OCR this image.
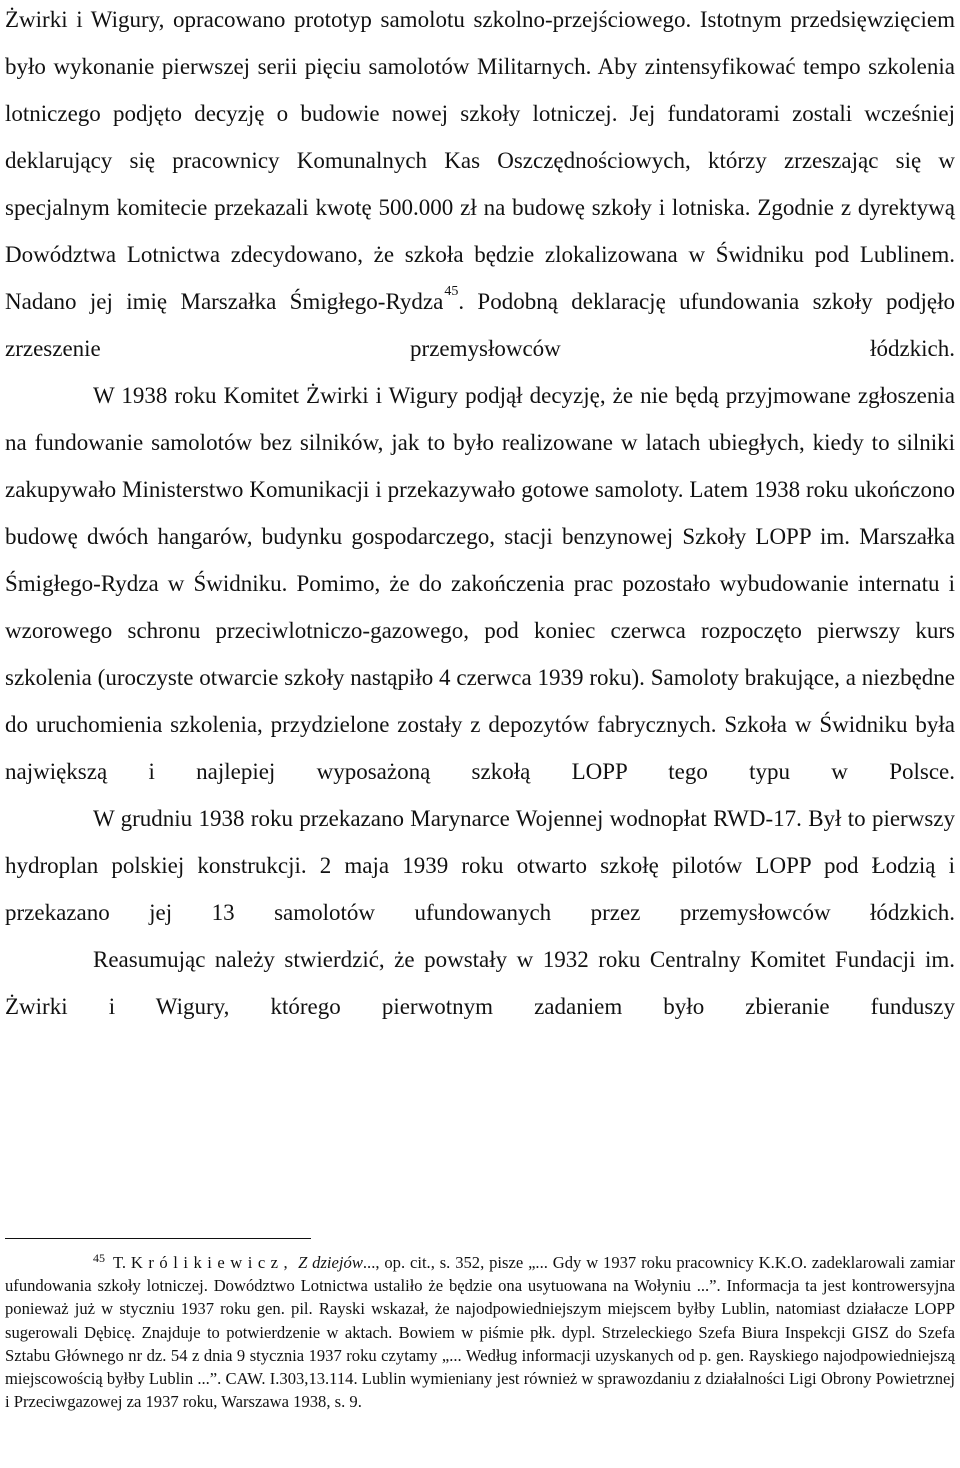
Żwirki i Wigury, opracowano prototyp samolotu szkolno-przejściowego. Istotnym przedsięwzięciem było wykonanie pierwszej serii pięciu samolotów Militarnych. Aby zintensyfikować tempo szkolenia lotniczego podjęto decyzję o budowie nowej szkoły lotniczej. Jej fundatorami zostali wcześniej deklarujący się pracownicy Komunalnych Kas Oszczędnościowych, którzy zrzeszając się w specjalnym komitecie przekazali kwotę 500.000 zł na budowę szkoły i lotniska. Zgodnie z dyrektywą Dowództwa Lotnictwa zdecydowano, że szkoła będzie zlokalizowana w Świdniku pod Lublinem. Nadano jej imię Marszałka Śmigłego-Rydza$^{45}$. Podobną deklarację ufundowania szkoły podjęło zrzeszenie przemysłowców łódzkich.

W 1938 roku Komitet Żwirki i Wigury podjął decyzję, że nie będą przyjmowane zgłoszenia na fundowanie samolotów bez silników, jak to było realizowane w latach ubiegłych, kiedy to silniki zakupywało Ministerstwo Komunikacji i przekazywało gotowe samoloty. Latem 1938 roku ukończono budowę dwóch hangarów, budynku gospodarczego, stacji benzynowej Szkoły LOPP im. Marszałka Śmigłego-Rydza w Świdniku. Pomimo, że do zakończenia prac pozostało wybudowanie internatu i wzorowego schronu przeciwlotniczo-gazowego, pod koniec czerwca rozpoczęto pierwszy kurs szkolenia (uroczyste otwarcie szkoły nastąpiło 4 czerwca 1939 roku). Samoloty brakujące, a niezbędne do uruchomienia szkolenia, przydzielone zostały z depozytów fabrycznych. Szkoła w Świdniku była największą i najlepiej wyposażoną szkołą LOPP tego typu w Polsce.

W grudniu 1938 roku przekazano Marynarce Wojennej wodnopłat RWD-17. Był to pierwszy hydroplan polskiej konstrukcji. 2 maja 1939 roku otwarto szkołę pilotów LOPP pod Łodzią i przekazano jej 13 samolotów ufundowanych przez przemysłowców łódzkich.

Reasumując należy stwierdzić, że powstały w 1932 roku Centralny Komitet Fundacji im. Żwirki i Wigury, którego pierwotnym zadaniem było zbieranie funduszy

$^{45}$ T. Królikiewicz, Z dziejów..., op. cit., s. 352, pisze „... Gdy w 1937 roku pracownicy K.K.O. zadeklarowali zamiar ufundowania szkoły lotniczej. Dowództwo Lotnictwa ustaliło że będzie ona usytuowana na Wołyniu ...”. Informacja ta jest kontrowersyjna ponieważ już w styczniu 1937 roku gen. pil. Rayski wskazał, że najodpowiedniejszym miejscem byłby Lublin, natomiast działacze LOPP sugerowali Dębicę. Znajduje to potwierdzenie w aktach. Bowiem w piśmie płk. dypl. Strzeleckiego Szefa Biura Inspekcji GISZ do Szefa Sztabu Głównego nr dz. 54 z dnia 9 stycznia 1937 roku czytamy „... Według informacji uzyskanych od p. gen. Rayskiego najodpowiedniejszą miejscowością byłby Lublin ...”. CAW. I.303,13.114. Lublin wymieniany jest również w sprawozdaniu z działalności Ligi Obrony Powietrznej i Przeciwgazowej za 1937 roku, Warszawa 1938, s. 9.
